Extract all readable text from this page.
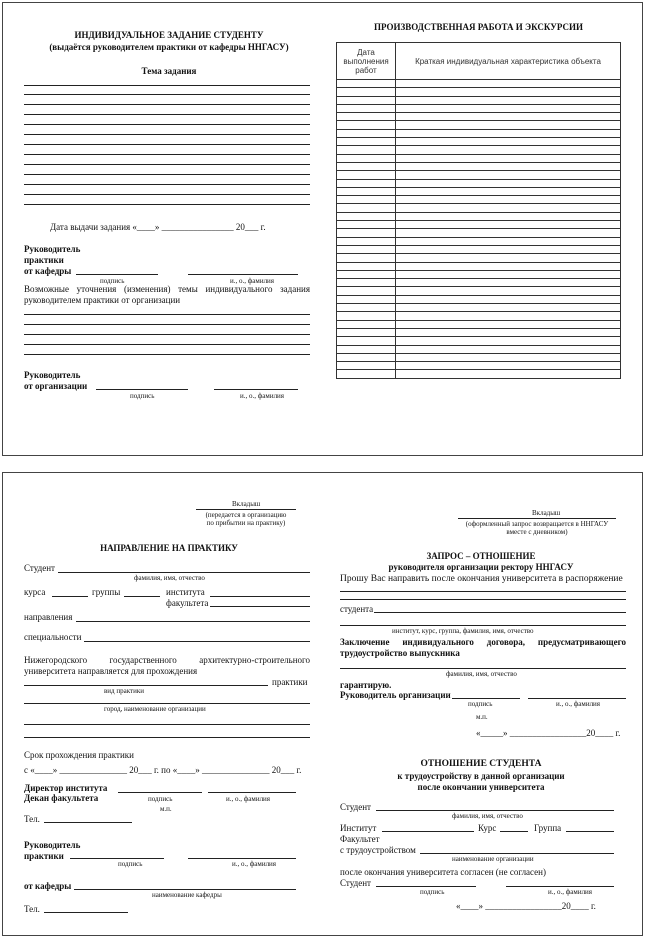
ИНДИВИДУАЛЬНОЕ ЗАДАНИЕ СТУДЕНТУ
(выдаётся руководителем практики от кафедры ННГАСУ)
Тема задания
Дата выдачи задания «____» ________________ 20___ г.
Руководитель
практики
от кафедры
подпись	и., о., фамилия
Возможные уточнения (изменения) темы индивидуального задания руководителем практики от организации
Руководитель
от организации
подпись	и., о., фамилия
ПРОИЗВОДСТВЕННАЯ РАБОТА И ЭКСКУРСИИ
Дата выполнения работ	Краткая индивидуальная характеристика объекта

Вкладыш
(передается в организацию
по прибытии на практику)
НАПРАВЛЕНИЕ НА ПРАКТИКУ
Студент
фамилия, имя, отчество
курса	группы	института
факультета
направления
специальности
Нижегородского государственного архитектурно-строительного
университета направляется для прохождения
практики
вид практики
город, наименование организации
Срок прохождения практики
с «____» _______________ 20___ г. по «____» _______________ 20___ г.
Директор института
Декан факультета	подпись	и., о., фамилия
м.п.
Тел.
Руководитель
практики
подпись	и., о., фамилия
от кафедры
наименование кафедры
Тел.
Вкладыш
(оформленный запрос возвращается в ННГАСУ
вместе с дневником)
ЗАПРОС – ОТНОШЕНИЕ
руководителя организации ректору ННГАСУ
Прошу Вас направить после окончания университета в распоряжение
студента
институт, курс, группа, фамилия, имя, отчество
Заключение индивидуального договора, предусматривающего
трудоустройство выпускника
фамилия, имя, отчество
гарантирую.
Руководитель организации
подпись	и., о., фамилия
м.п.
«_____» _________________20____ г.
ОТНОШЕНИЕ СТУДЕНТА
к трудоустройству в данной организации
после окончании университета
Студент
фамилия, имя, отчество
Институт	Курс	Группа
Факультет
с трудоустройством
наименование организации
после окончания университета согласен (не согласен)
Студент
подпись	и., о., фамилия
«____» _________________20____ г.
